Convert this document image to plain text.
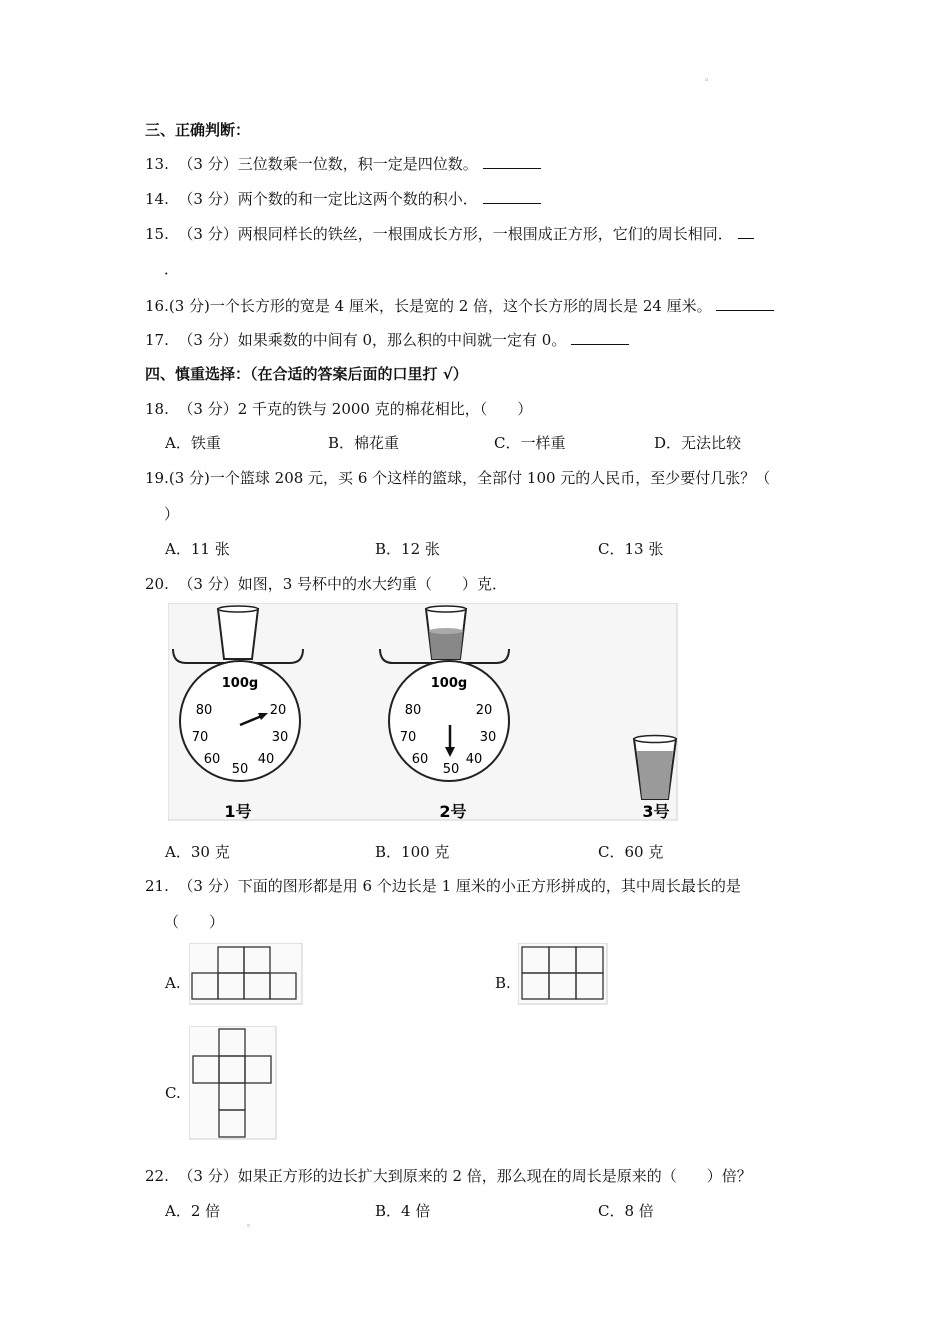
◦
三、正确判断：
13. （3 分）三位数乘一位数，积一定是四位数。
14. （3 分）两个数的和一定比这两个数的积小．
15. （3 分）两根同样长的铁丝，一根围成长方形，一根围成正方形，它们的周长相同．
．
16.(3 分)一个长方形的宽是 4 厘米，长是宽的 2 倍，这个长方形的周长是 24 厘米。
17. （3 分）如果乘数的中间有 0，那么积的中间就一定有 0。
四、慎重选择：（在合适的答案后面的口里打 √）
18. （3 分）2 千克的铁与 2000 克的棉花相比，（　　）
A．铁重	B．棉花重	C．一样重	D．无法比较
19.(3 分)一个篮球 208 元，买 6 个这样的篮球，全部付 100 元的人民币，至少要付几张？（
）
A．11 张	B．12 张	C．13 张
20. （3 分）如图，3 号杯中的水大约重（　　）克．
100g
80	20
70	30
60	40
50
1号
100g
80	20
70	30
60	40
50
2号	3号
A．30 克	B．100 克	C．60 克
21. （3 分）下面的图形都是用 6 个边长是 1 厘米的小正方形拼成的，其中周长最长的是
（　　）
A.	B.
C.
22. （3 分）如果正方形的边长扩大到原来的 2 倍，那么现在的周长是原来的（　　）倍？
A．2 倍	B．4 倍	C．8 倍
◦
